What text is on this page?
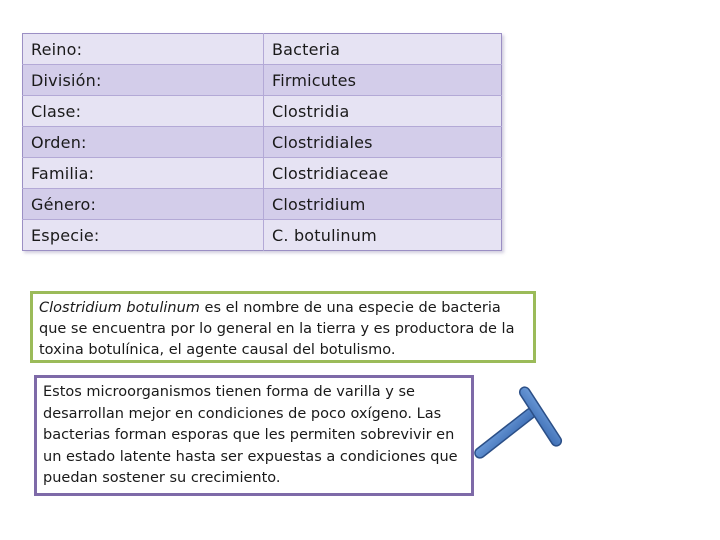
Reino:	Bacteria
División:	Firmicutes
Clase:	Clostridia
Orden:	Clostridiales
Familia:	Clostridiaceae
Género:	Clostridium
Especie:	C. botulinum
Clostridium botulinum es el nombre de una especie de bacteria que se encuentra por lo general en la tierra y es productora de la toxina botulínica, el agente causal del botulismo.
Estos microorganismos tienen forma de varilla y se desarrollan mejor en condiciones de poco oxígeno. Las bacterias forman esporas que les permiten sobrevivir en un estado latente hasta ser expuestas a condiciones que puedan sostener su crecimiento.
